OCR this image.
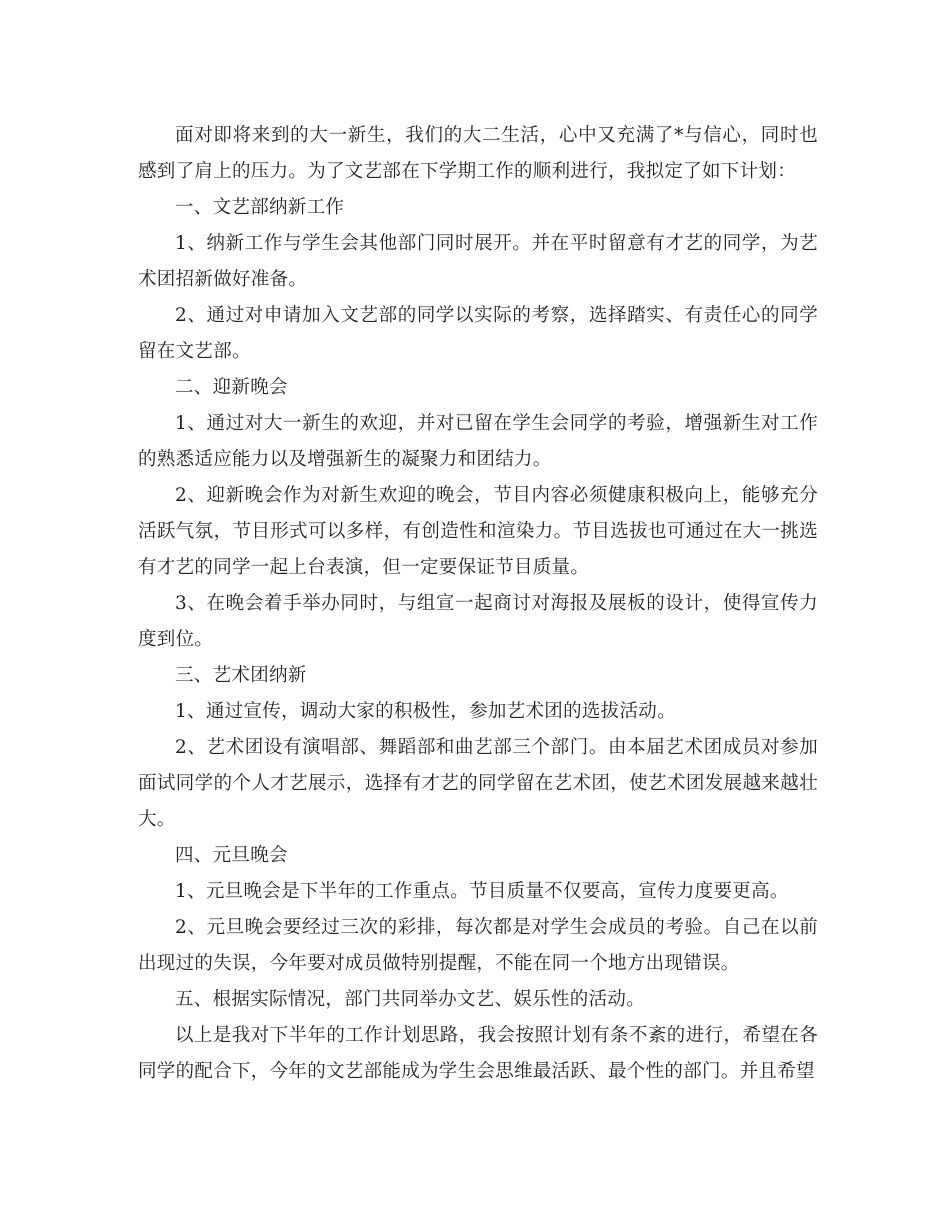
面对即将来到的大一新生，我们的大二生活，心中又充满了*与信心，同时也感到了肩上的压力。为了文艺部在下学期工作的顺利进行，我拟定了如下计划：

一、文艺部纳新工作

1、纳新工作与学生会其他部门同时展开。并在平时留意有才艺的同学，为艺术团招新做好准备。

2、通过对申请加入文艺部的同学以实际的考察，选择踏实、有责任心的同学留在文艺部。

二、迎新晚会

1、通过对大一新生的欢迎，并对已留在学生会同学的考验，增强新生对工作的熟悉适应能力以及增强新生的凝聚力和团结力。

2、迎新晚会作为对新生欢迎的晚会，节目内容必须健康积极向上，能够充分活跃气氛，节目形式可以多样，有创造性和渲染力。节目选拔也可通过在大一挑选有才艺的同学一起上台表演，但一定要保证节目质量。

3、在晚会着手举办同时，与组宣一起商讨对海报及展板的设计，使得宣传力度到位。

三、艺术团纳新

1、通过宣传，调动大家的积极性，参加艺术团的选拔活动。

2、艺术团设有演唱部、舞蹈部和曲艺部三个部门。由本届艺术团成员对参加面试同学的个人才艺展示，选择有才艺的同学留在艺术团，使艺术团发展越来越壮大。

四、元旦晚会

1、元旦晚会是下半年的工作重点。节目质量不仅要高，宣传力度要更高。

2、元旦晚会要经过三次的彩排，每次都是对学生会成员的考验。自己在以前出现过的失误，今年要对成员做特别提醒，不能在同一个地方出现错误。

五、根据实际情况，部门共同举办文艺、娱乐性的活动。

以上是我对下半年的工作计划思路，我会按照计划有条不紊的进行，希望在各同学的配合下，今年的文艺部能成为学生会思维最活跃、最个性的部门。并且希望
